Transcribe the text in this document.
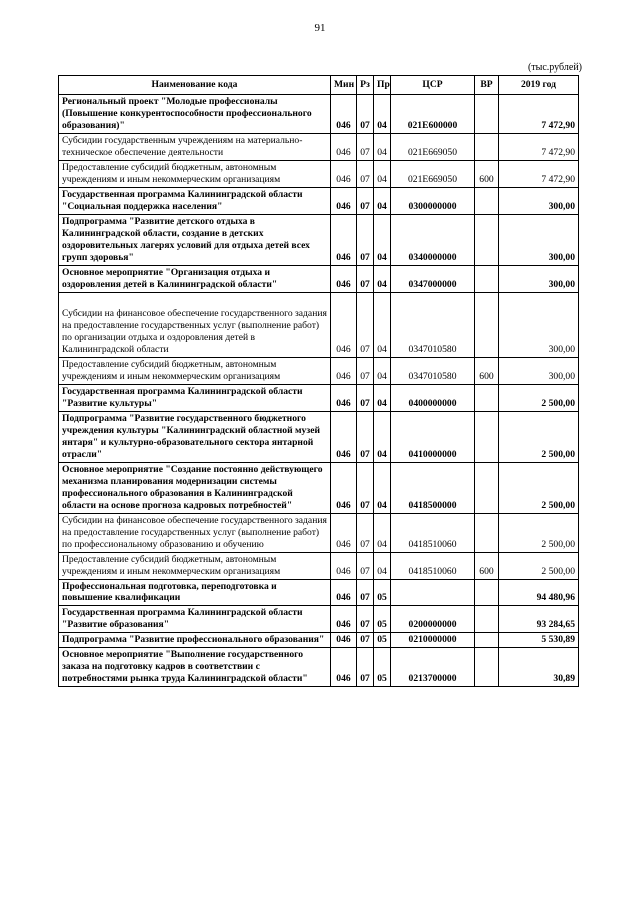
91
(тыс.рублей)
Наименование кода	Мин	Рз	Пр	ЦСР	ВР	2019 год
Региональный проект "Молодые профессионалы (Повышение конкурентоспособности профессионального образования)"	046	07	04	021E600000		7 472,90
Субсидии государственным учреждениям на материально-техническое обеспечение деятельности	046	07	04	021E669050		7 472,90
Предоставление субсидий бюджетным, автономным учреждениям и иным некоммерческим организациям	046	07	04	021E669050	600	7 472,90
Государственная программа Калининградской области "Социальная поддержка населения"	046	07	04	0300000000		300,00
Подпрограмма "Развитие детского отдыха в Калининградской области, создание в детских оздоровительных лагерях условий для отдыха детей всех групп здоровья"	046	07	04	0340000000		300,00
Основное мероприятие "Организация отдыха и оздоровления детей в Калининградской области"	046	07	04	0347000000		300,00
Субсидии на финансовое обеспечение государственного задания на предоставление государственных услуг (выполнение работ) по организации отдыха и оздоровления детей в Калининградской области	046	07	04	0347010580		300,00
Предоставление субсидий бюджетным, автономным учреждениям и иным некоммерческим организациям	046	07	04	0347010580	600	300,00
Государственная программа Калининградской области "Развитие культуры"	046	07	04	0400000000		2 500,00
Подпрограмма "Развитие государственного бюджетного учреждения культуры "Калининградский областной музей янтаря" и культурно-образовательного сектора янтарной отрасли"	046	07	04	0410000000		2 500,00
Основное мероприятие "Создание постоянно действующего механизма планирования модернизации системы профессионального образования в Калининградской области на основе прогноза кадровых потребностей"	046	07	04	0418500000		2 500,00
Субсидии на финансовое обеспечение государственного задания на предоставление государственных услуг (выполнение работ) по профессиональному образованию и обучению	046	07	04	0418510060		2 500,00
Предоставление субсидий бюджетным, автономным учреждениям и иным некоммерческим организациям	046	07	04	0418510060	600	2 500,00
Профессиональная подготовка, переподготовка и повышение квалификации	046	07	05			94 480,96
Государственная программа Калининградской области "Развитие образования"	046	07	05	0200000000		93 284,65
Подпрограмма "Развитие профессионального образования"	046	07	05	0210000000		5 530,89
Основное мероприятие "Выполнение государственного заказа на подготовку кадров в соответствии с потребностями рынка труда Калининградской области"	046	07	05	0213700000		30,89
